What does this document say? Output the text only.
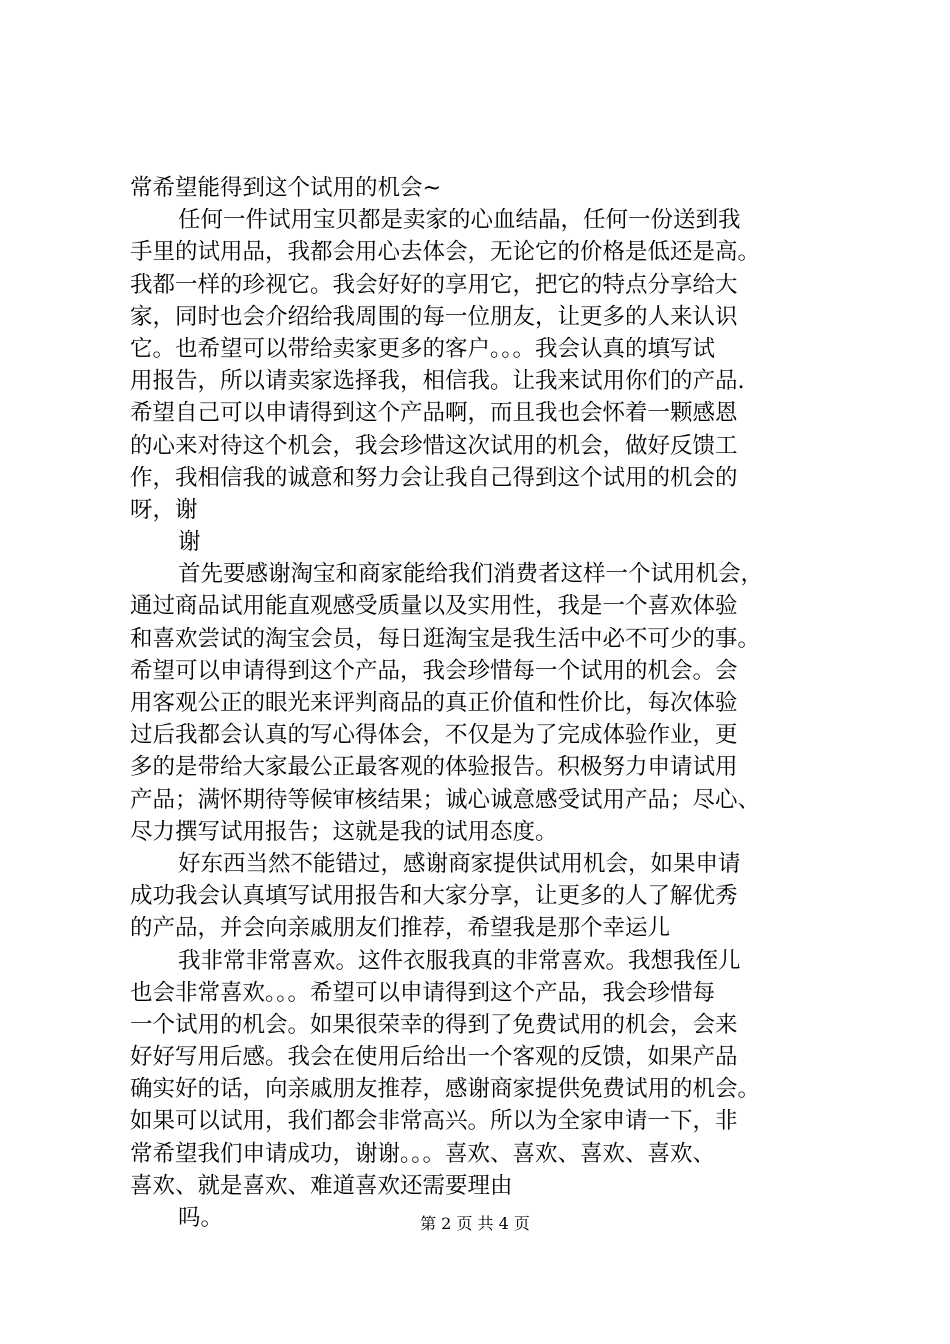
常希望能得到这个试用的机会~
任何一件试用宝贝都是卖家的心血结晶，任何一份送到我
手里的试用品，我都会用心去体会，无论它的价格是低还是高。
我都一样的珍视它。我会好好的享用它，把它的特点分享给大
家，同时也会介绍给我周围的每一位朋友，让更多的人来认识
它。也希望可以带给卖家更多的客户。。。我会认真的填写试
用报告，所以请卖家选择我，相信我。让我来试用你们的产品.
希望自己可以申请得到这个产品啊，而且我也会怀着一颗感恩
的心来对待这个机会，我会珍惜这次试用的机会，做好反馈工
作，我相信我的诚意和努力会让我自己得到这个试用的机会的
呀，谢
谢
首先要感谢淘宝和商家能给我们消费者这样一个试用机会，
通过商品试用能直观感受质量以及实用性，我是一个喜欢体验
和喜欢尝试的淘宝会员，每日逛淘宝是我生活中必不可少的事。
希望可以申请得到这个产品，我会珍惜每一个试用的机会。会
用客观公正的眼光来评判商品的真正价值和性价比，每次体验
过后我都会认真的写心得体会，不仅是为了完成体验作业，更
多的是带给大家最公正最客观的体验报告。积极努力申请试用
产品；满怀期待等候审核结果；诚心诚意感受试用产品；尽心、
尽力撰写试用报告；这就是我的试用态度。
好东西当然不能错过，感谢商家提供试用机会，如果申请
成功我会认真填写试用报告和大家分享，让更多的人了解优秀
的产品，并会向亲戚朋友们推荐，希望我是那个幸运儿
我非常非常喜欢。这件衣服我真的非常喜欢。我想我侄儿
也会非常喜欢。。。希望可以申请得到这个产品，我会珍惜每
一个试用的机会。如果很荣幸的得到了免费试用的机会，会来
好好写用后感。我会在使用后给出一个客观的反馈，如果产品
确实好的话，向亲戚朋友推荐，感谢商家提供免费试用的机会。
如果可以试用，我们都会非常高兴。所以为全家申请一下，非
常希望我们申请成功，谢谢。。。喜欢、喜欢、喜欢、喜欢、
喜欢、就是喜欢、难道喜欢还需要理由
吗。	第 2 页 共 4 页
